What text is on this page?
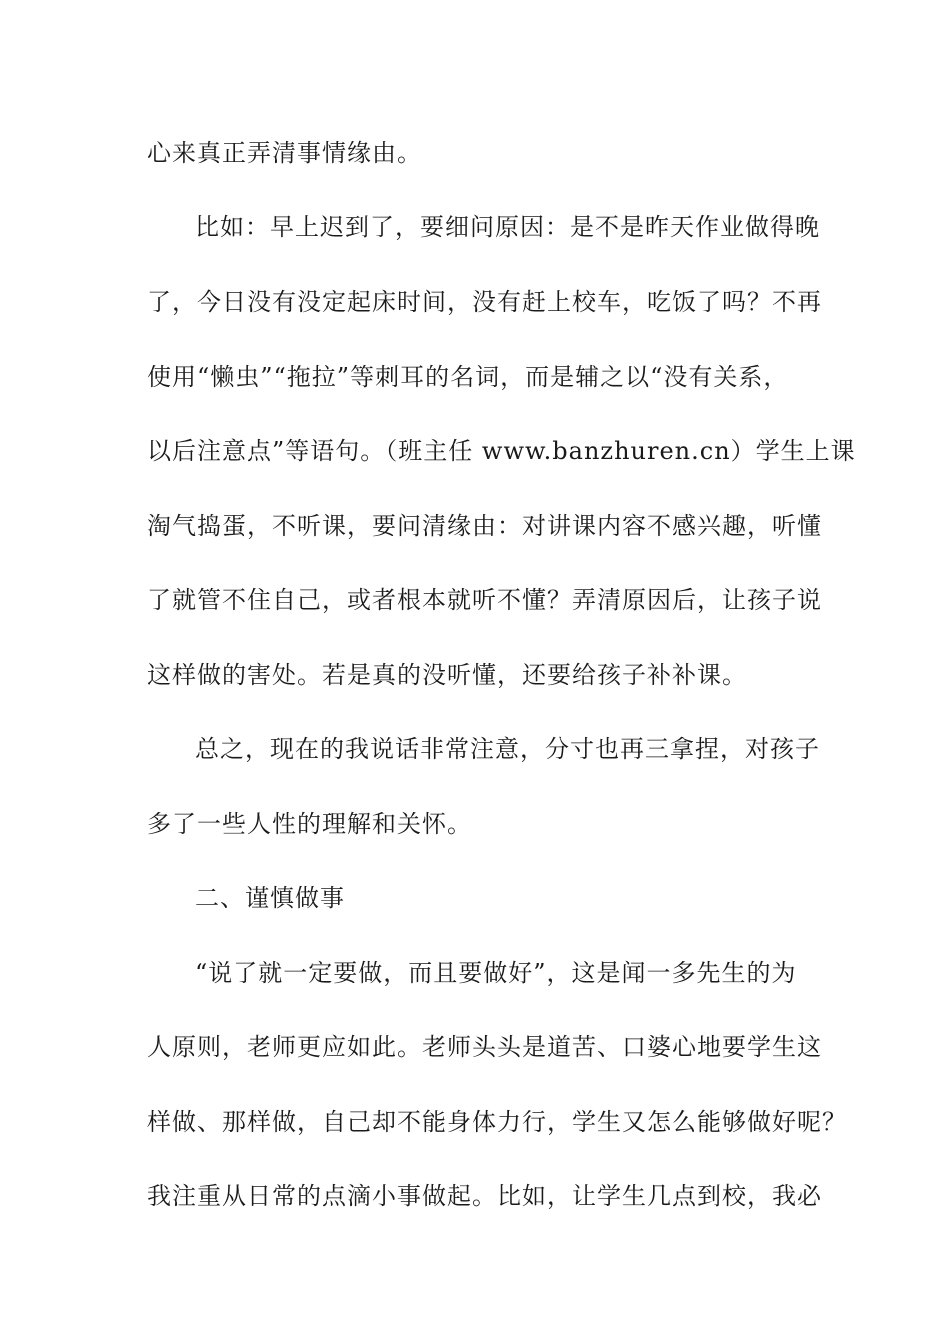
心来真正弄清事情缘由。
比如：早上迟到了，要细问原因：是不是昨天作业做得晚
了，今日没有没定起床时间，没有赶上校车，吃饭了吗？不再
使用“懒虫”“拖拉”等刺耳的名词，而是辅之以“没有关系，
以后注意点”等语句。（班主任 www.banzhuren.cn）学生上课
淘气捣蛋，不听课，要问清缘由：对讲课内容不感兴趣，听懂
了就管不住自己，或者根本就听不懂？弄清原因后，让孩子说
这样做的害处。若是真的没听懂，还要给孩子补补课。
总之，现在的我说话非常注意，分寸也再三拿捏，对孩子
多了一些人性的理解和关怀。
二、谨慎做事
“说了就一定要做，而且要做好”，这是闻一多先生的为
人原则，老师更应如此。老师头头是道苦、口婆心地要学生这
样做、那样做，自己却不能身体力行，学生又怎么能够做好呢？
我注重从日常的点滴小事做起。比如，让学生几点到校，我必
